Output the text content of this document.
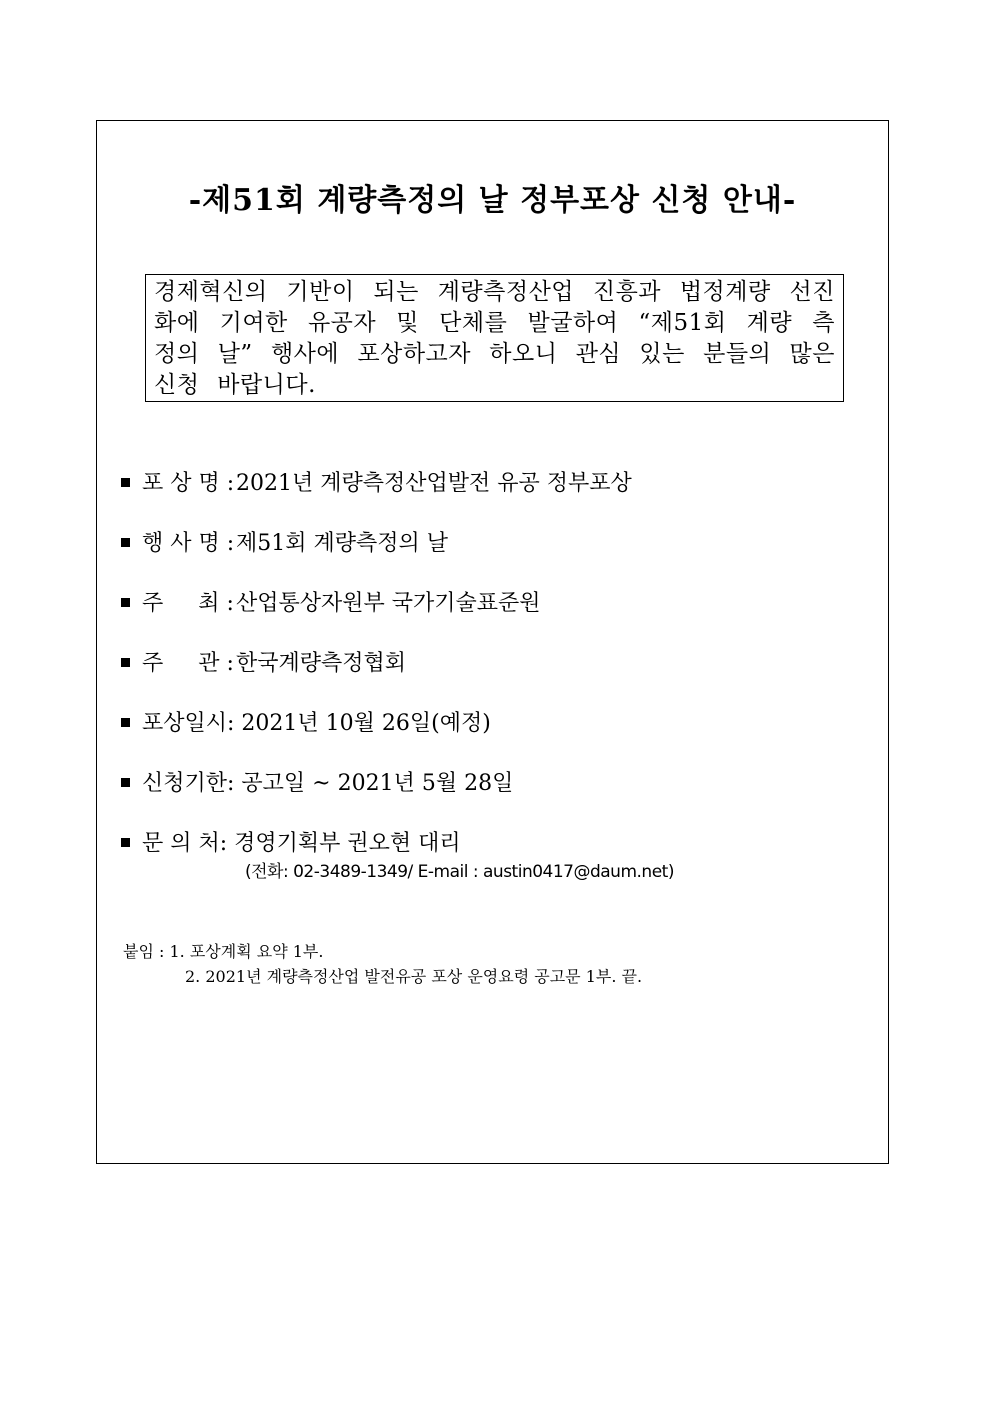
-제51회 계량측정의 날 정부포상 신청 안내-
경제혁신의 기반이 되는 계량측정산업 진흥과 법정계량 선진화에 기여한 유공자 및 단체를 발굴하여 “제51회 계량 측정의 날” 행사에 포상하고자 하오니 관심 있는 분들의 많은 신청 바랍니다.
포 상 명 : 2021년 계량측정산업발전 유공 정부포상
행 사 명 : 제51회 계량측정의 날
주     최 : 산업통상자원부 국가기술표준원
주     관 : 한국계량측정협회
포상일시: 2021년 10월 26일(예정)
신청기한: 공고일 ~ 2021년 5월 28일
문 의 처: 경영기획부 권오현 대리
(전화: 02-3489-1349/ E-mail : austin0417@daum.net)
붙임 : 1. 포상계획 요약 1부.
2. 2021년 계량측정산업 발전유공 포상 운영요령 공고문 1부. 끝.
